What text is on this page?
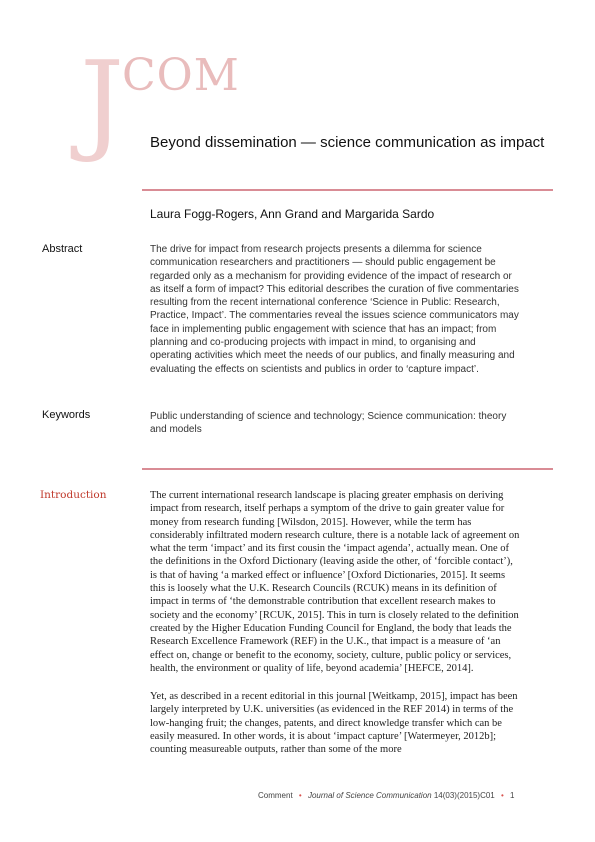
J
COM
Beyond dissemination — science communication as impact
Laura Fogg-Rogers, Ann Grand and Margarida Sardo
Abstract	The drive for impact from research projects presents a dilemma for science communication researchers and practitioners — should public engagement be regarded only as a mechanism for providing evidence of the impact of research or as itself a form of impact? This editorial describes the curation of five commentaries resulting from the recent international conference ‘Science in Public: Research, Practice, Impact’. The commentaries reveal the issues science communicators may face in implementing public engagement with science that has an impact; from planning and co-producing projects with impact in mind, to organising and operating activities which meet the needs of our publics, and finally measuring and evaluating the effects on scientists and publics in order to ‘capture impact’.
Keywords	Public understanding of science and technology; Science communication: theory and models
Introduction	The current international research landscape is placing greater emphasis on deriving impact from research, itself perhaps a symptom of the drive to gain greater value for money from research funding [Wilsdon, 2015]. However, while the term has considerably infiltrated modern research culture, there is a notable lack of agreement on what the term ‘impact’ and its first cousin the ‘impact agenda’, actually mean. One of the definitions in the Oxford Dictionary (leaving aside the other, of ‘forcible contact’), is that of having ‘a marked effect or influence’ [Oxford Dictionaries, 2015]. It seems this is loosely what the U.K. Research Councils (RCUK) means in its definition of impact in terms of ‘the demonstrable contribution that excellent research makes to society and the economy’ [RCUK, 2015]. This in turn is closely related to the definition created by the Higher Education Funding Council for England, the body that leads the Research Excellence Framework (REF) in the U.K., that impact is a measure of ‘an effect on, change or benefit to the economy, society, culture, public policy or services, health, the environment or quality of life, beyond academia’ [HEFCE, 2014].
Yet, as described in a recent editorial in this journal [Weitkamp, 2015], impact has been largely interpreted by U.K. universities (as evidenced in the REF 2014) in terms of the low-hanging fruit; the changes, patents, and direct knowledge transfer which can be easily measured. In other words, it is about ‘impact capture’ [Watermeyer, 2012b]; counting measureable outputs, rather than some of the more
Comment • Journal of Science Communication 14(03)(2015)C01 • 1
